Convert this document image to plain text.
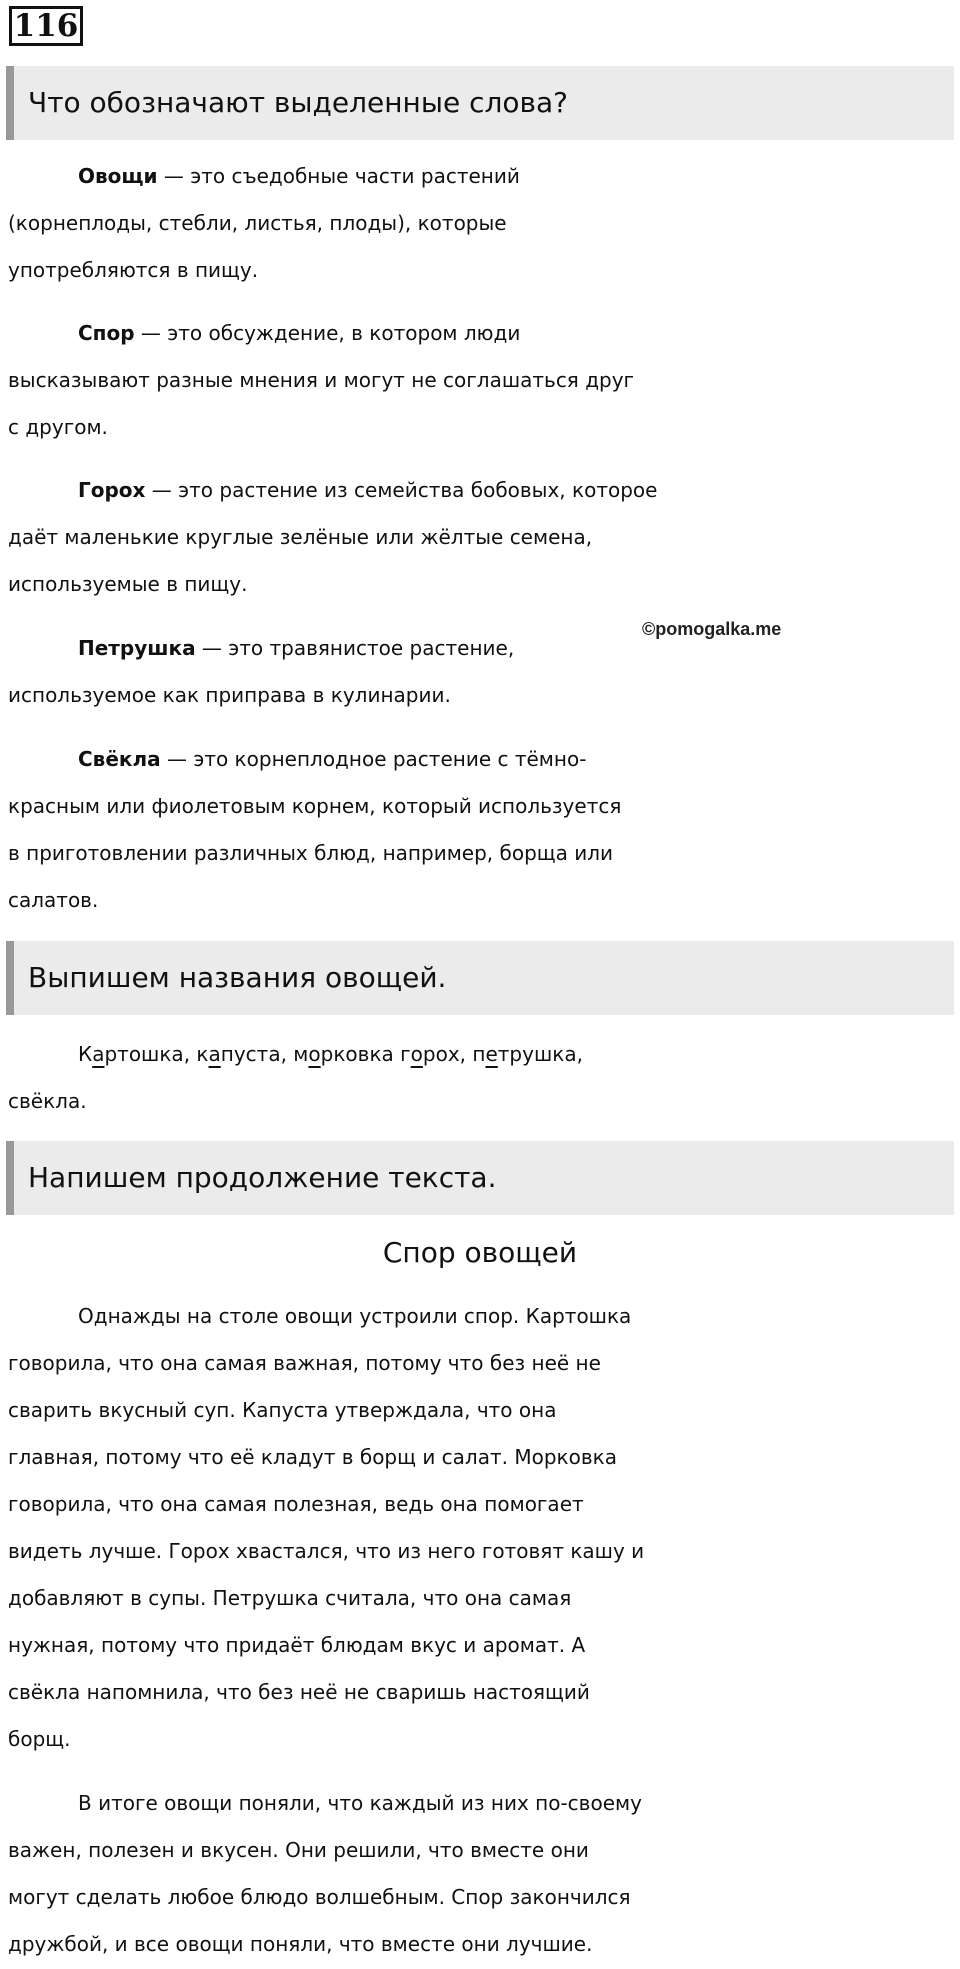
116
Что обозначают выделенные слова?

Овощи — это съедобные части растений
(корнеплоды, стебли, листья, плоды), которые
употребляются в пищу.

Спор — это обсуждение, в котором люди
высказывают разные мнения и могут не соглашаться друг
с другом.

Горох — это растение из семейства бобовых, которое
даёт маленькие круглые зелёные или жёлтые семена,
используемые в пищу.

©pomogalka.me

Петрушка — это травянистое растение,
используемое как приправа в кулинарии.

Свёкла — это корнеплодное растение с тёмно-
красным или фиолетовым корнем, который используется
в приготовлении различных блюд, например, борща или
салатов.

Выпишем названия овощей.

Картошка, капуста, морковка горох, петрушка,
свёкла.

Напишем продолжение текста.
Спор овощей

Однажды на столе овощи устроили спор. Картошка
говорила, что она самая важная, потому что без неё не
сварить вкусный суп. Капуста утверждала, что она
главная, потому что её кладут в борщ и салат. Морковка
говорила, что она самая полезная, ведь она помогает
видеть лучше. Горох хвастался, что из него готовят кашу и
добавляют в супы. Петрушка считала, что она самая
нужная, потому что придаёт блюдам вкус и аромат. А
свёкла напомнила, что без неё не сваришь настоящий
борщ.

В итоге овощи поняли, что каждый из них по-своему
важен, полезен и вкусен. Они решили, что вместе они
могут сделать любое блюдо волшебным. Спор закончился
дружбой, и все овощи поняли, что вместе они лучшие.
